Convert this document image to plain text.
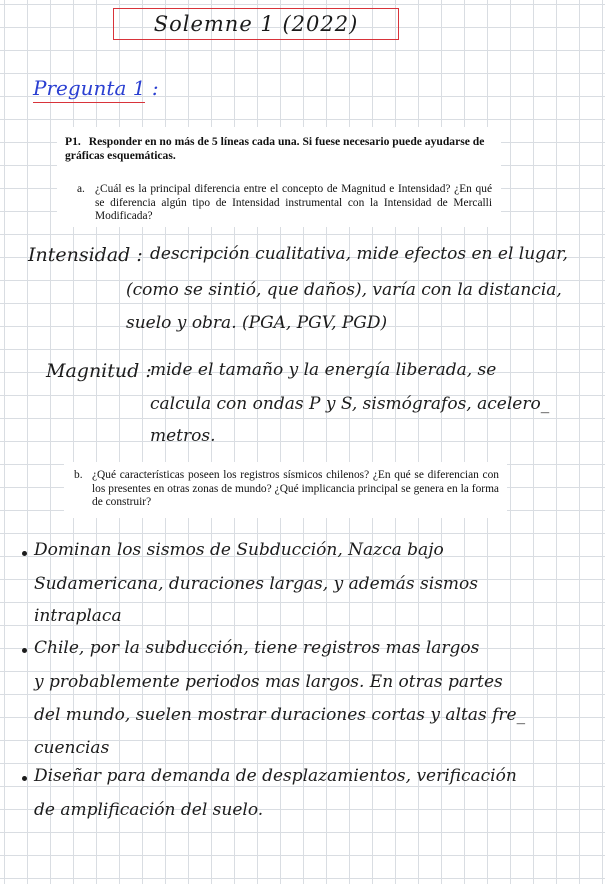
Solemne 1 (2022)
Pregunta 1 :
P1. Responder en no más de 5 líneas cada una. Si fuese necesario puede ayudarse de gráficas esquemáticas.
a. ¿Cuál es la principal diferencia entre el concepto de Magnitud e Intensidad? ¿En qué se diferencia algún tipo de Intensidad instrumental con la Intensidad de Mercalli Modificada?
Intensidad : descripción cualitativa, mide efectos en el lugar,
(como se sintió, que daños), varía con la distancia,
suelo y obra. (PGA, PGV, PGD)
Magnitud :
mide el tamaño y la energía liberada, se
calcula con ondas P y S, sismógrafos, acelero_
metros.
b. ¿Qué características poseen los registros sísmicos chilenos? ¿En qué se diferencian con los presentes en otras zonas de mundo? ¿Qué implicancia principal se genera en la forma de construir?
Dominan los sismos de Subducción, Nazca bajo
Sudamericana, duraciones largas, y además sismos
intraplaca
Chile, por la subducción, tiene registros mas largos
y probablemente periodos mas largos. En otras partes
del mundo, suelen mostrar duraciones cortas y altas fre_
cuencias
Diseñar para demanda de desplazamientos, verificación
de amplificación del suelo.
